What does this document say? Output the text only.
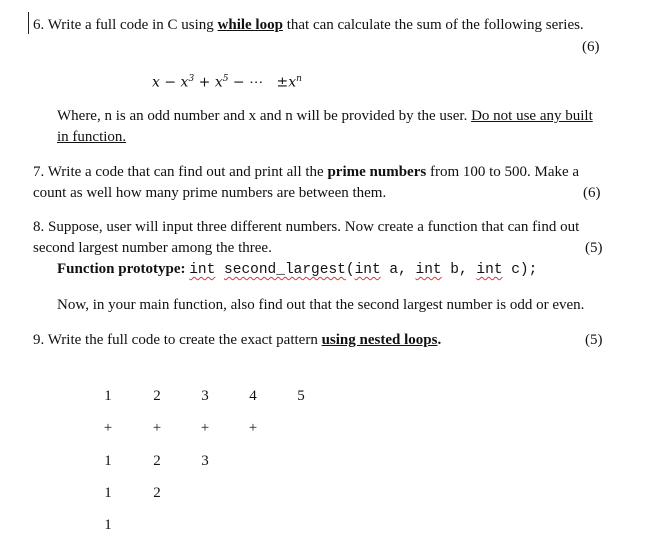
6. Write a full code in C using while loop that can calculate the sum of the following series.
(6)
$x - x^3 + x^5$ − ⋯   $\pm x^n$
Where, n is an odd number and x and n will be provided by the user. Do not use any built
in function.
7. Write a code that can find out and print all the prime numbers from 100 to 500. Make a
count as well how many prime numbers are between them.	(6)
8. Suppose, user will input three different numbers. Now create a function that can find out
second largest number among the three.	(5)
Function prototype: int second_largest(int a, int b, int c);
Now, in your main function, also find out that the second largest number is odd or even.
9. Write the full code to create the exact pattern using nested loops.	(5)
1	2	3	4	5
+	+	+	+
1	2	3
1	2
1
